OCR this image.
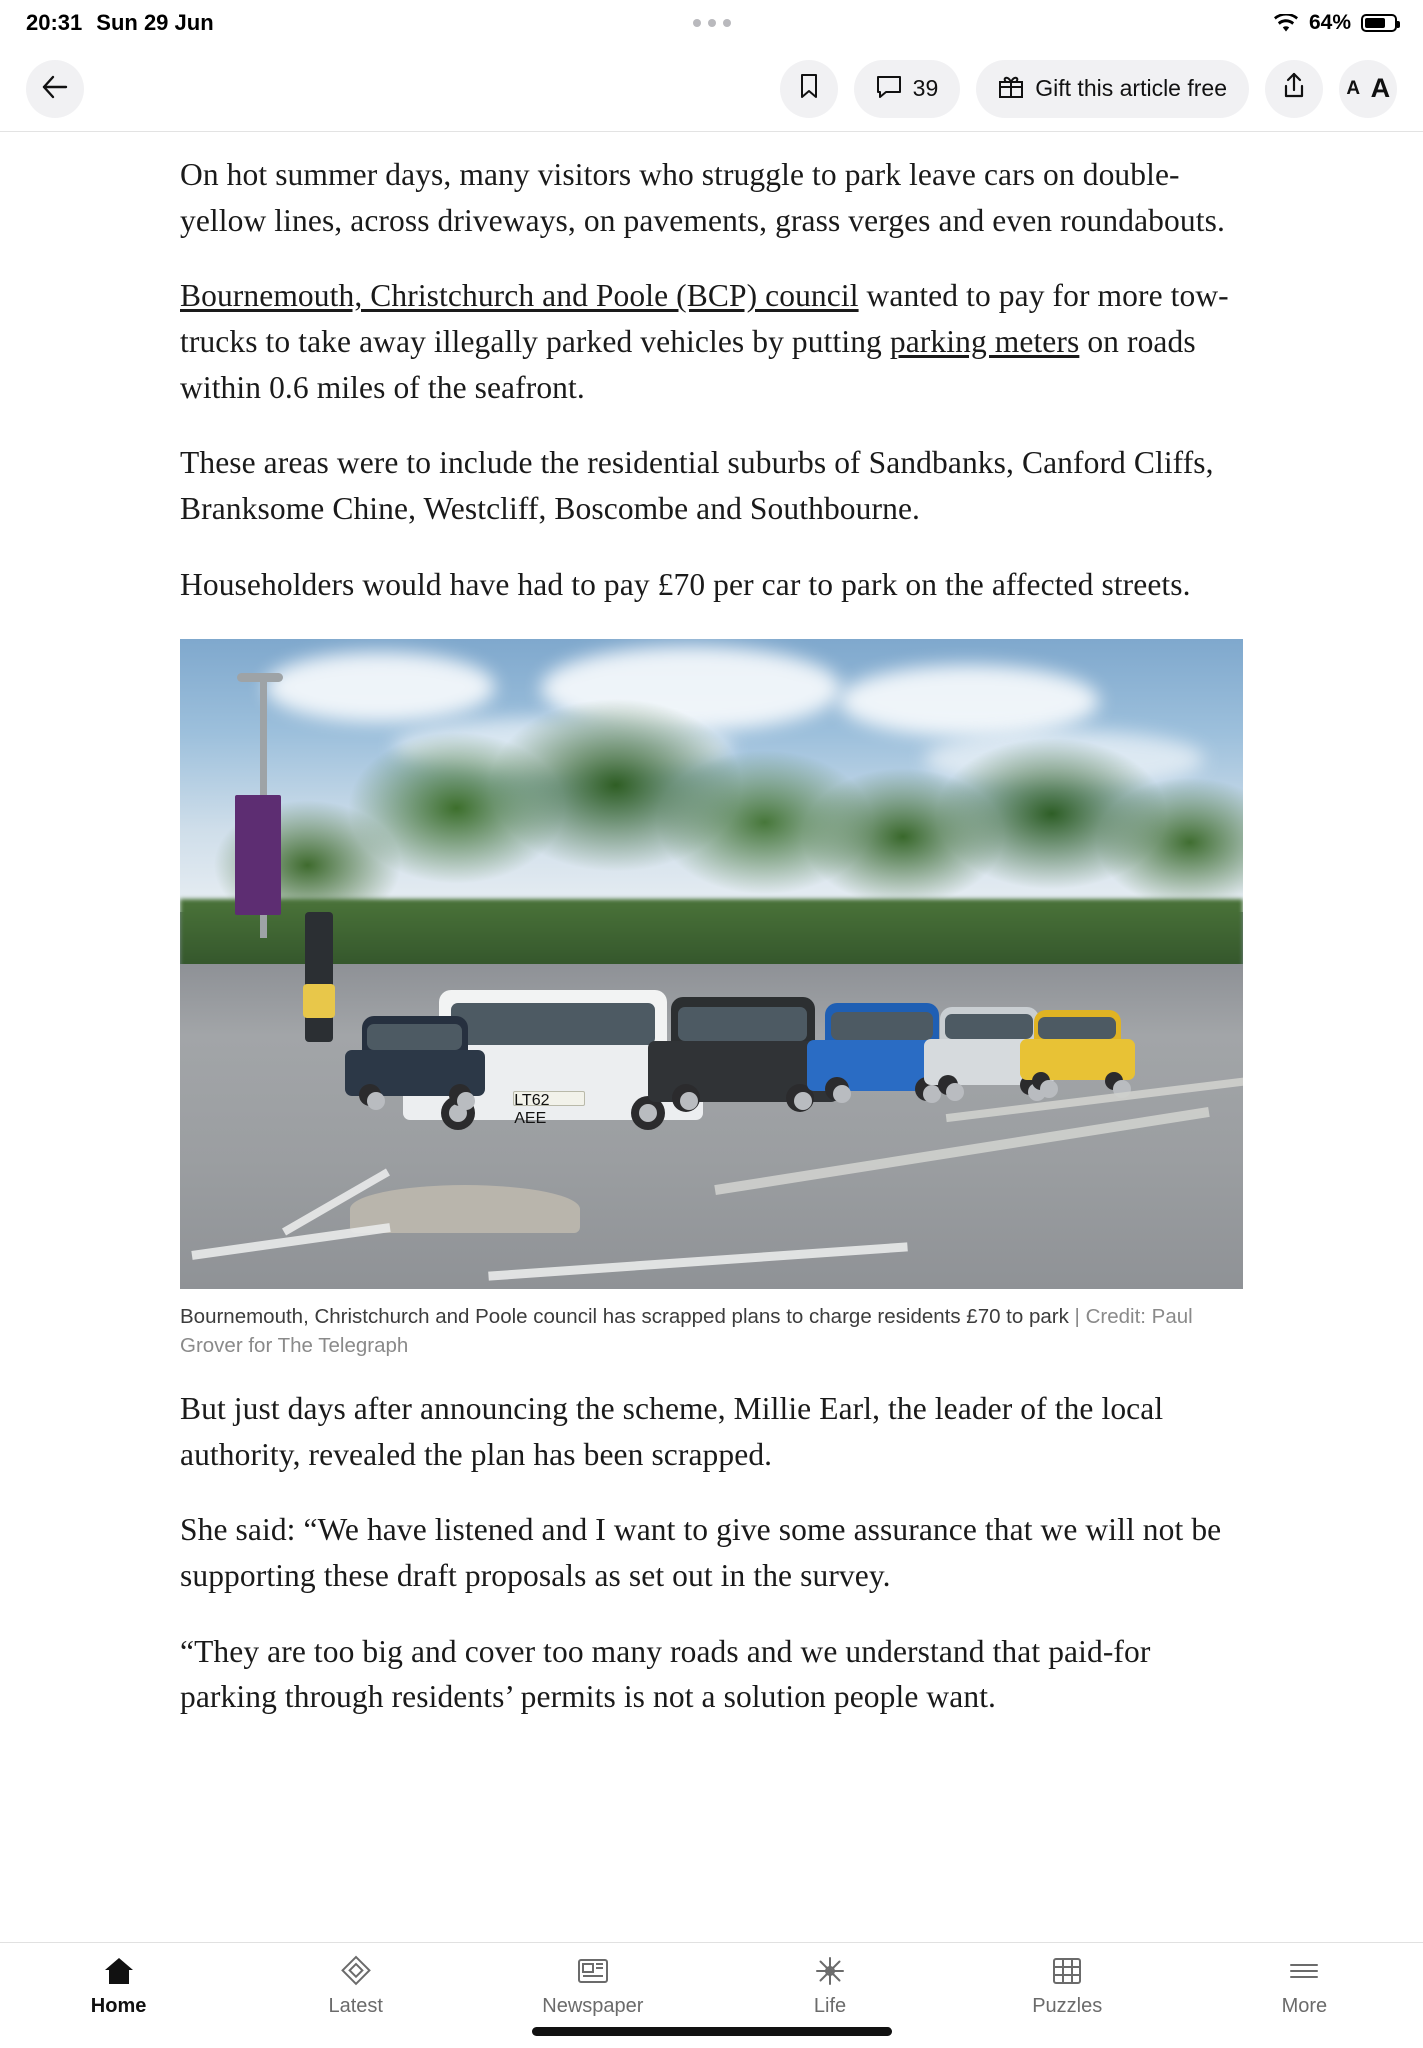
20:31 Sun 29 Jun	64%
39	Gift this article free	A A

On hot summer days, many visitors who struggle to park leave cars on double-yellow lines, across driveways, on pavements, grass verges and even roundabouts.

Bournemouth, Christchurch and Poole (BCP) council wanted to pay for more tow-trucks to take away illegally parked vehicles by putting parking meters on roads within 0.6 miles of the seafront.

These areas were to include the residential suburbs of Sandbanks, Canford Cliffs, Branksome Chine, Westcliff, Boscombe and Southbourne.

Householders would have had to pay £70 per car to park on the affected streets.

LT62 AEE
Bournemouth, Christchurch and Poole council has scrapped plans to charge residents £70 to park | Credit: Paul Grover for The Telegraph

But just days after announcing the scheme, Millie Earl, the leader of the local authority, revealed the plan has been scrapped.

She said: “We have listened and I want to give some assurance that we will not be supporting these draft proposals as set out in the survey.

“They are too big and cover too many roads and we understand that paid-for parking through residents’ permits is not a solution people want.

Home	Latest	Newspaper	Life	Puzzles	More
